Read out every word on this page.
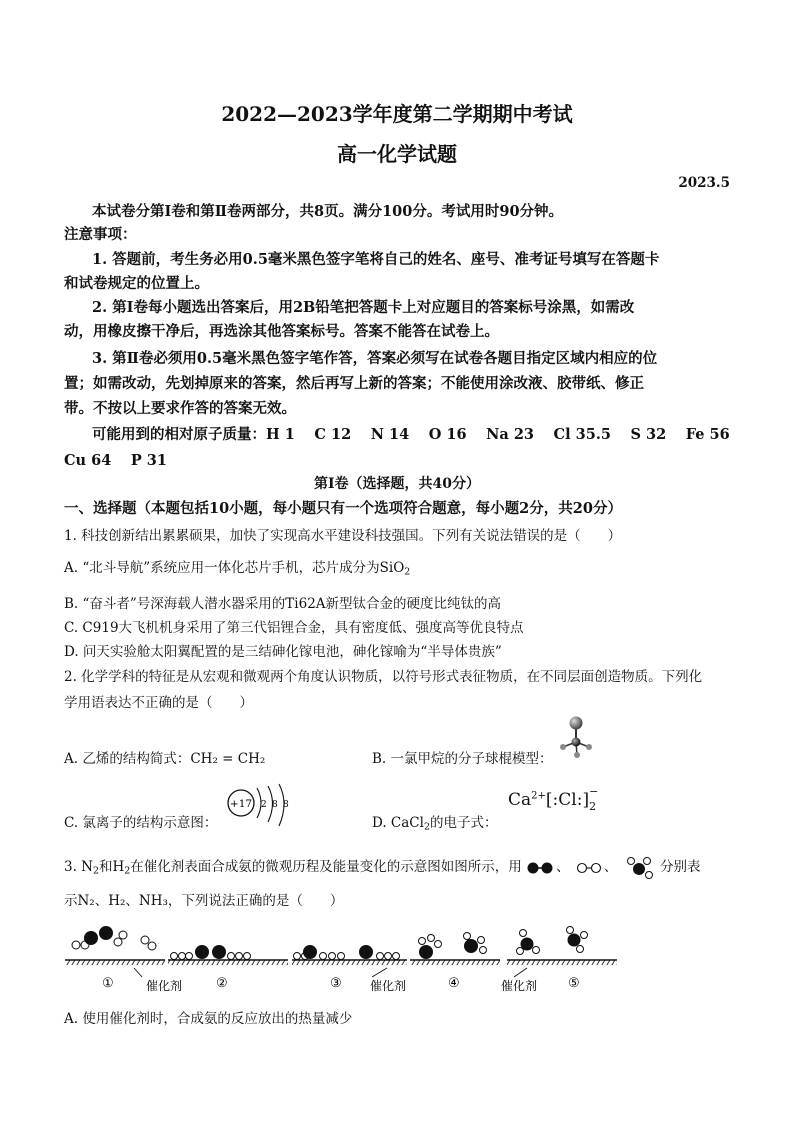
2022—2023学年度第二学期期中考试
高一化学试题
2023.5
本试卷分第Ⅰ卷和第Ⅱ卷两部分，共8页。满分100分。考试用时90分钟。
注意事项：
1. 答题前，考生务必用0.5毫米黑色签字笔将自己的姓名、座号、准考证号填写在答题卡
和试卷规定的位置上。
2. 第Ⅰ卷每小题选出答案后，用2B铅笔把答题卡上对应题目的答案标号涂黑，如需改
动，用橡皮擦干净后，再选涂其他答案标号。答案不能答在试卷上。
3. 第Ⅱ卷必须用0.5毫米黑色签字笔作答，答案必须写在试卷各题目指定区域内相应的位
置；如需改动，先划掉原来的答案，然后再写上新的答案；不能使用涂改液、胶带纸、修正
带。不按以上要求作答的答案无效。
可能用到的相对原子质量：H 1　 C 12　 N 14　 O 16　 Na 23　 Cl 35.5　 S 32　 Fe 56
Cu 64　 P 31
第Ⅰ卷（选择题，共40分）
一、选择题（本题包括10小题，每小题只有一个选项符合题意，每小题2分，共20分）
1. 科技创新结出累累硕果，加快了实现高水平建设科技强国。下列有关说法错误的是（　　）
A. “北斗导航”系统应用一体化芯片手机，芯片成分为SiO$_2$
B. “奋斗者”号深海载人潜水器采用的Ti62A新型钛合金的硬度比纯钛的高
C. C919大飞机机身采用了第三代铝锂合金，具有密度低、强度高等优良特点
D. 问天实验舱太阳翼配置的是三结砷化镓电池，砷化镓喻为“半导体贵族”
2. 化学学科的特征是从宏观和微观两个角度认识物质，以符号形式表征物质，在不同层面创造物质。下列化
学用语表达不正确的是（　　）
A. 乙烯的结构简式：CH₂ = CH₂	B. 一氯甲烷的分子球棍模型：
C. 氯离子的结构示意图：
+17 2 8 8
D. CaCl$_2$的电子式：
$Ca^{2+}[:Cl:]$ −
2
3. $N_2$和$H_2$在催化剂表面合成氨的微观历程及能量变化的示意图如图所示，用	、	、	分别表
示N₂、H₂、NH₃，下列说法正确的是（　　）
①	②	③	④	⑤
催化剂	催化剂	催化剂
A. 使用催化剂时，合成氨的反应放出的热量减少
